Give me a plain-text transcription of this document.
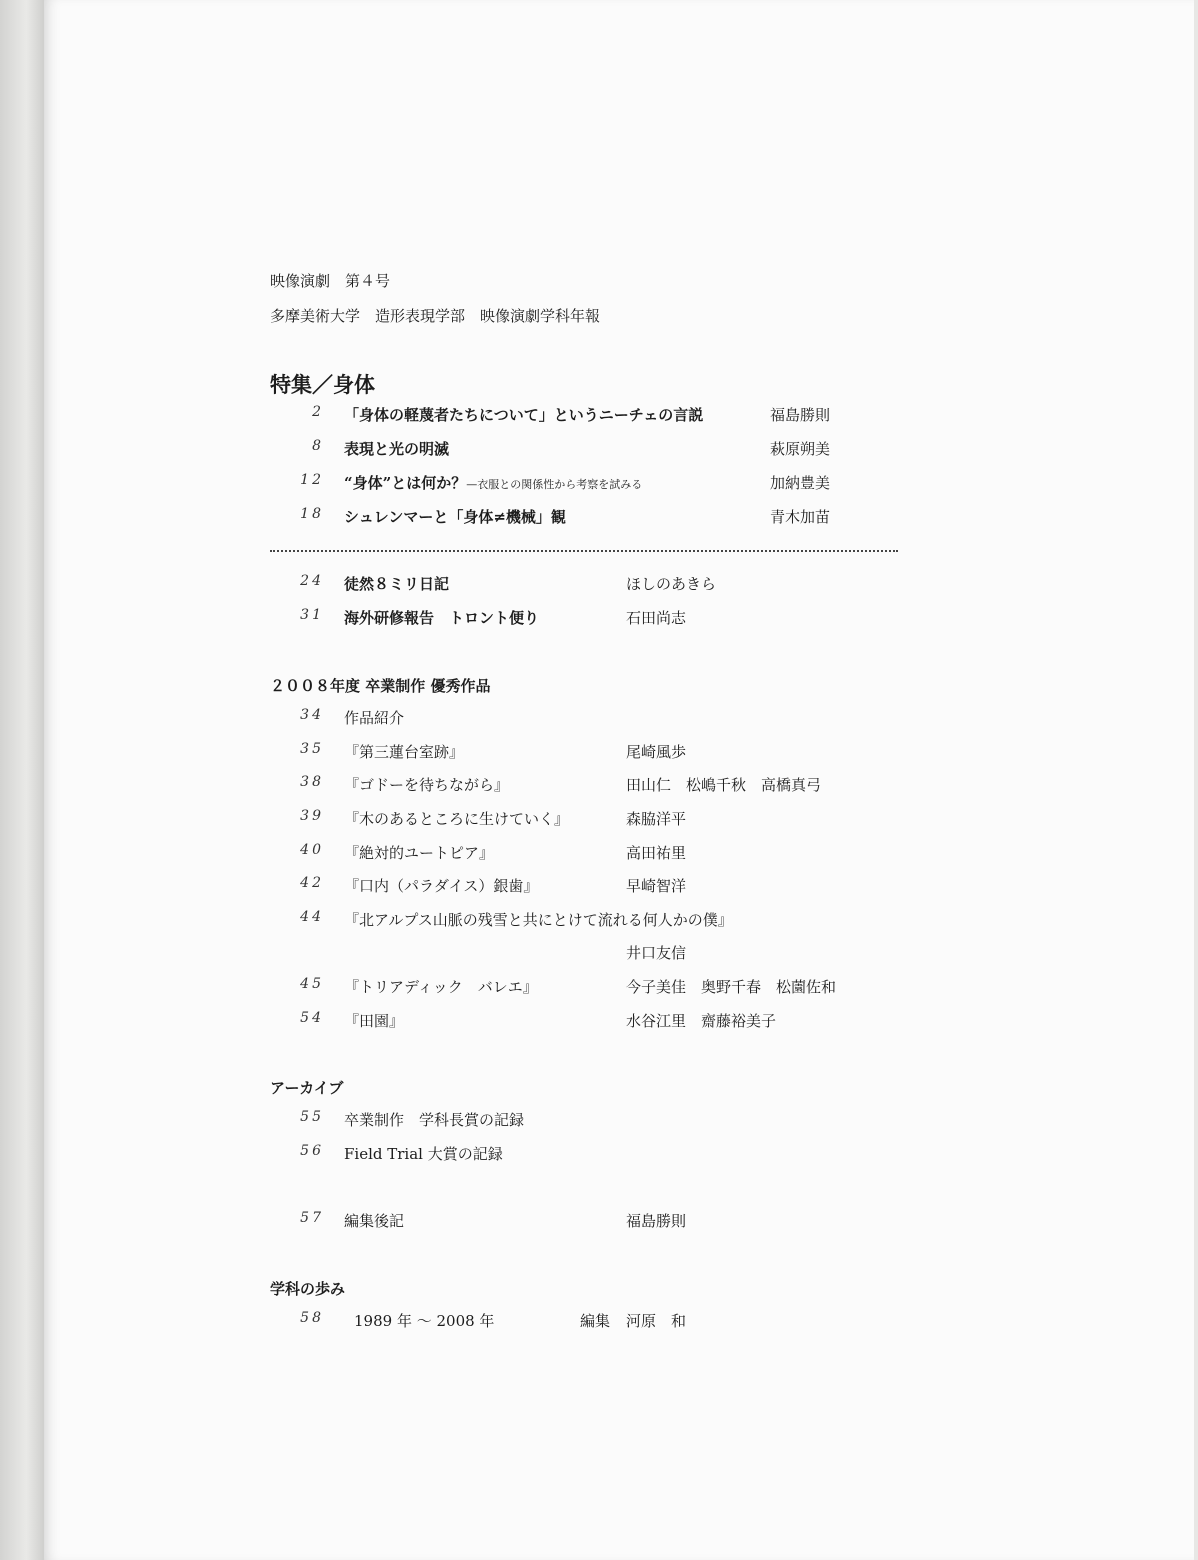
映像演劇　第４号
多摩美術大学　造形表現学部　映像演劇学科年報
特集／身体
2 「身体の軽蔑者たちについて」というニーチェの言説	福島勝則
8 表現と光の明滅	萩原朔美
12 “身体”とは何か？—衣服との関係性から考察を試みる	加納豊美
18 シュレンマーと「身体≠機械」観	青木加苗
24 徒然８ミリ日記	ほしのあきら
31 海外研修報告　トロント便り	石田尚志
２００８年度 卒業制作 優秀作品
34 作品紹介
35 『第三蓮台室跡』	尾崎風歩
38 『ゴドーを待ちながら』	田山仁　松嶋千秋　高橋真弓
39 『木のあるところに生けていく』	森脇洋平
40 『絶対的ユートピア』	高田祐里
42 『口内（パラダイス）銀歯』	早崎智洋
44 『北アルプス山脈の残雪と共にとけて流れる何人かの僕』
井口友信
45 『トリアディック　バレエ』	今子美佳　奥野千春　松薗佐和
54 『田園』	水谷江里　齋藤裕美子
アーカイブ
55 卒業制作　学科長賞の記録
56 Field Trial 大賞の記録
57 編集後記	福島勝則
学科の歩み
58 1989 年 ～ 2008 年	編集 河原　和
